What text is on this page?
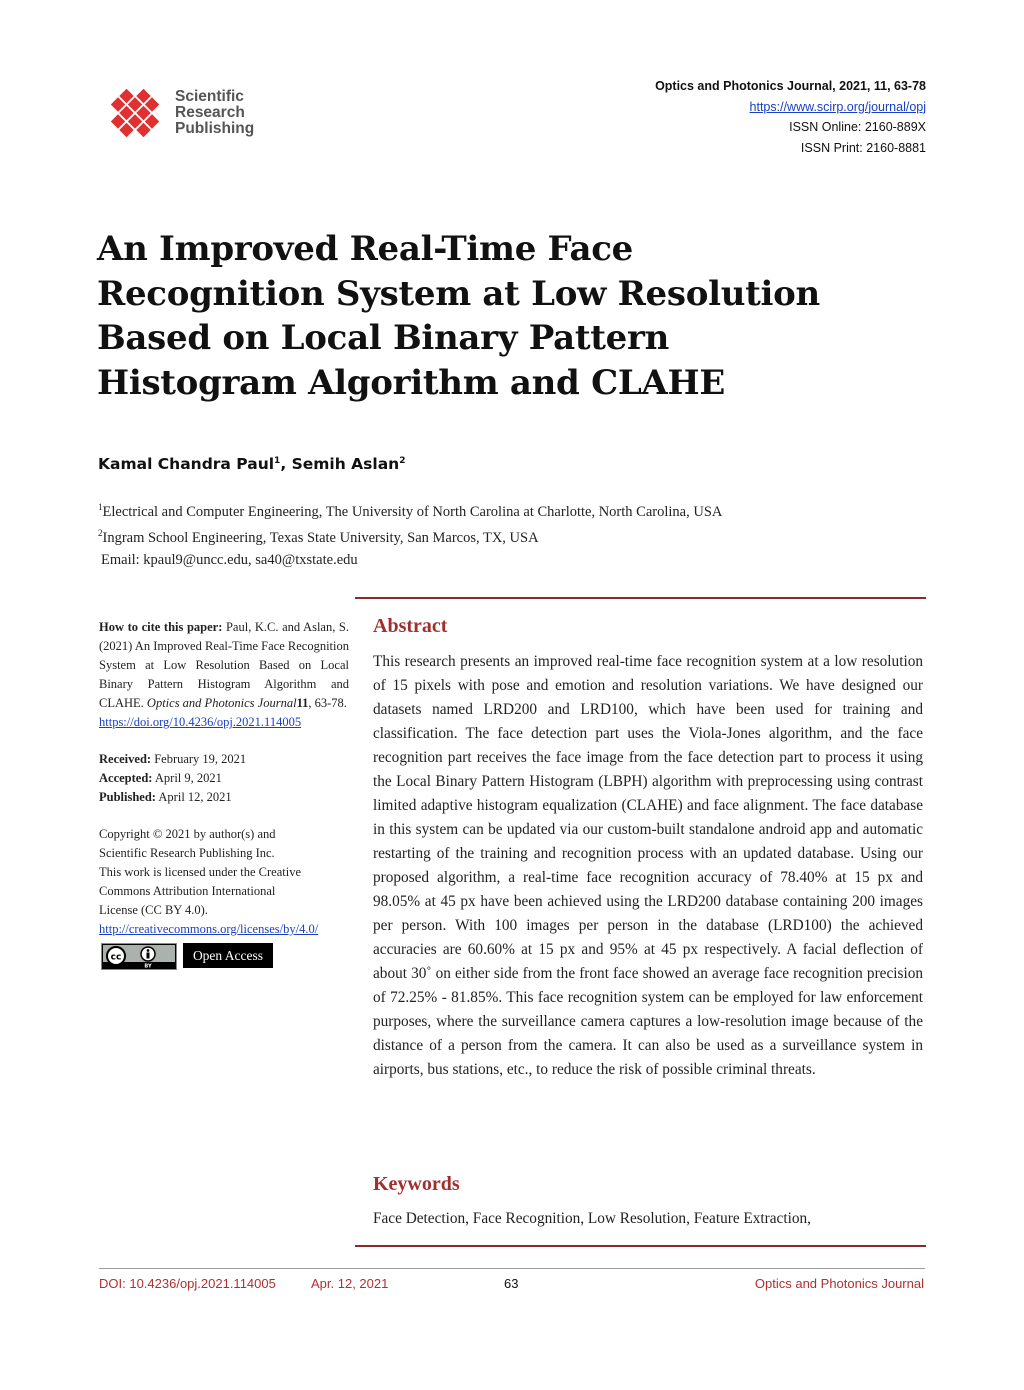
Scientific
Research
Publishing
Optics and Photonics Journal, 2021, 11, 63-78
https://www.scirp.org/journal/opj
ISSN Online: 2160-889X
ISSN Print: 2160-8881
An Improved Real-Time Face Recognition System at Low Resolution Based on Local Binary Pattern Histogram Algorithm and CLAHE
Kamal Chandra Paul$^1$, Semih Aslan$^2$
$^1$Electrical and Computer Engineering, The University of North Carolina at Charlotte, North Carolina, USA
$^2$Ingram School Engineering, Texas State University, San Marcos, TX, USA
Email: kpaul9@uncc.edu, sa40@txstate.edu
How to cite this paper: Paul, K.C. and Aslan, S. (2021) An Improved Real-Time Face Recognition System at Low Resolution Based on Local Binary Pattern Histogram Algorithm and CLAHE. Optics and Photonics Journal11, 63-78.
https://doi.org/10.4236/opj.2021.114005
Received: February 19, 2021
Accepted: April 9, 2021
Published: April 12, 2021
Copyright © 2021 by author(s) and
Scientific Research Publishing Inc.
This work is licensed under the Creative
Commons Attribution International
License (CC BY 4.0).
http://creativecommons.org/licenses/by/4.0/
cc
BY
Open Access
Abstract
This research presents an improved real-time face recognition system at a low resolution of 15 pixels with pose and emotion and resolution variations. We have designed our datasets named LRD200 and LRD100, which have been used for training and classification. The face detection part uses the Viola-Jones algorithm, and the face recognition part receives the face image from the face detection part to process it using the Local Binary Pattern Histogram (LBPH) algorithm with preprocessing using contrast limited adaptive histogram equalization (CLAHE) and face alignment. The face database in this system can be updated via our custom-built standalone android app and automatic restarting of the training and recognition process with an updated database. Using our proposed algorithm, a real-time face recognition accuracy of 78.40% at 15 px and 98.05% at 45 px have been achieved using the LRD200 database containing 200 images per person. With 100 images per person in the database (LRD100) the achieved accuracies are 60.60% at 15 px and 95% at 45 px respectively. A facial deflection of about 30˚ on either side from the front face showed an average face recognition precision of 72.25% - 81.85%. This face recognition system can be employed for law enforcement purposes, where the surveillance camera captures a low-resolution image because of the distance of a person from the camera. It can also be used as a surveillance system in airports, bus stations, etc., to reduce the risk of possible criminal threats.
Keywords
Face Detection, Face Recognition, Low Resolution, Feature Extraction,
DOI: 10.4236/opj.2021.114005	Apr. 12, 2021	63	Optics and Photonics Journal
